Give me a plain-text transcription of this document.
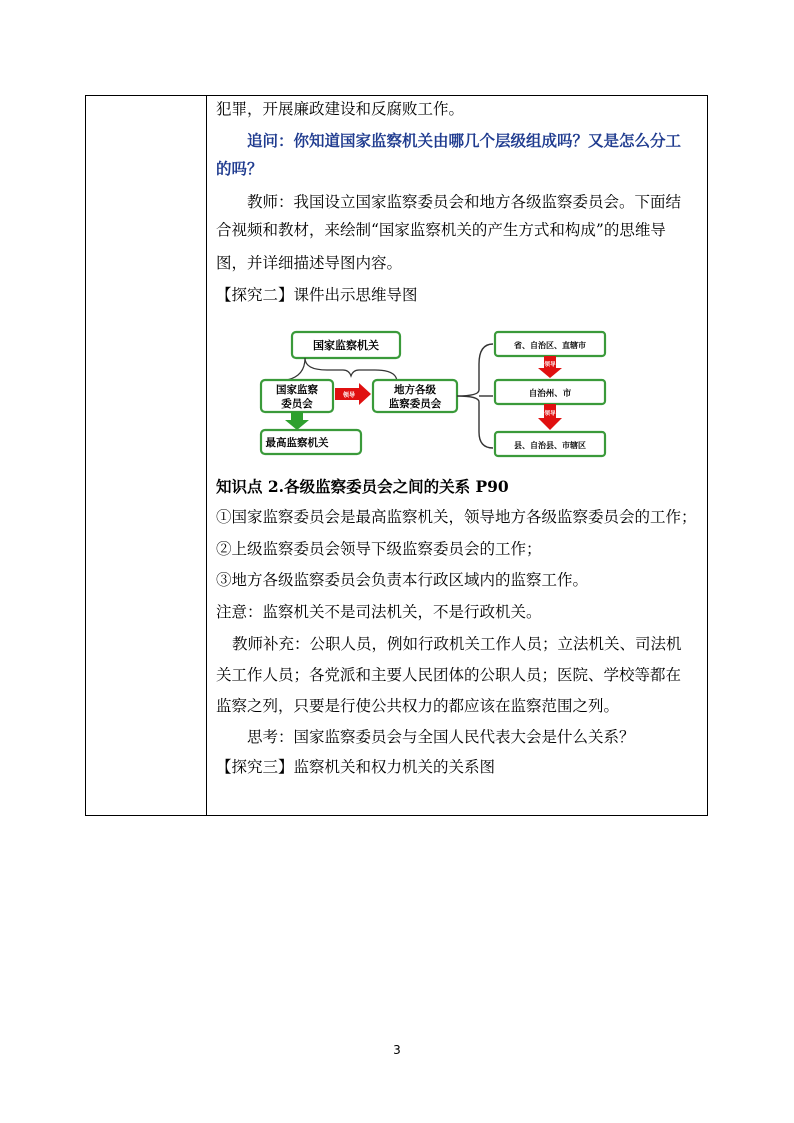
犯罪，开展廉政建设和反腐败工作。
追问：你知道国家监察机关由哪几个层级组成吗？又是怎么分工
的吗？
教师：我国设立国家监察委员会和地方各级监察委员会。下面结
合视频和教材，来绘制“国家监察机关的产生方式和构成”的思维导
图，并详细描述导图内容。
【探究二】课件出示思维导图
国家监察机关
国家监察
委员会
领导	地方各级
监察委员会
最高监察机关
省、自治区、直辖市
领导
自治州、市
领导
县、自治县、市辖区
知识点 2.各级监察委员会之间的关系 P90
①国家监察委员会是最高监察机关，领导地方各级监察委员会的工作；
②上级监察委员会领导下级监察委员会的工作；
③地方各级监察委员会负责本行政区域内的监察工作。
注意：监察机关不是司法机关，不是行政机关。
教师补充：公职人员，例如行政机关工作人员；立法机关、司法机
关工作人员；各党派和主要人民团体的公职人员；医院、学校等都在
监察之列，只要是行使公共权力的都应该在监察范围之列。
思考：国家监察委员会与全国人民代表大会是什么关系？
【探究三】监察机关和权力机关的关系图
3
